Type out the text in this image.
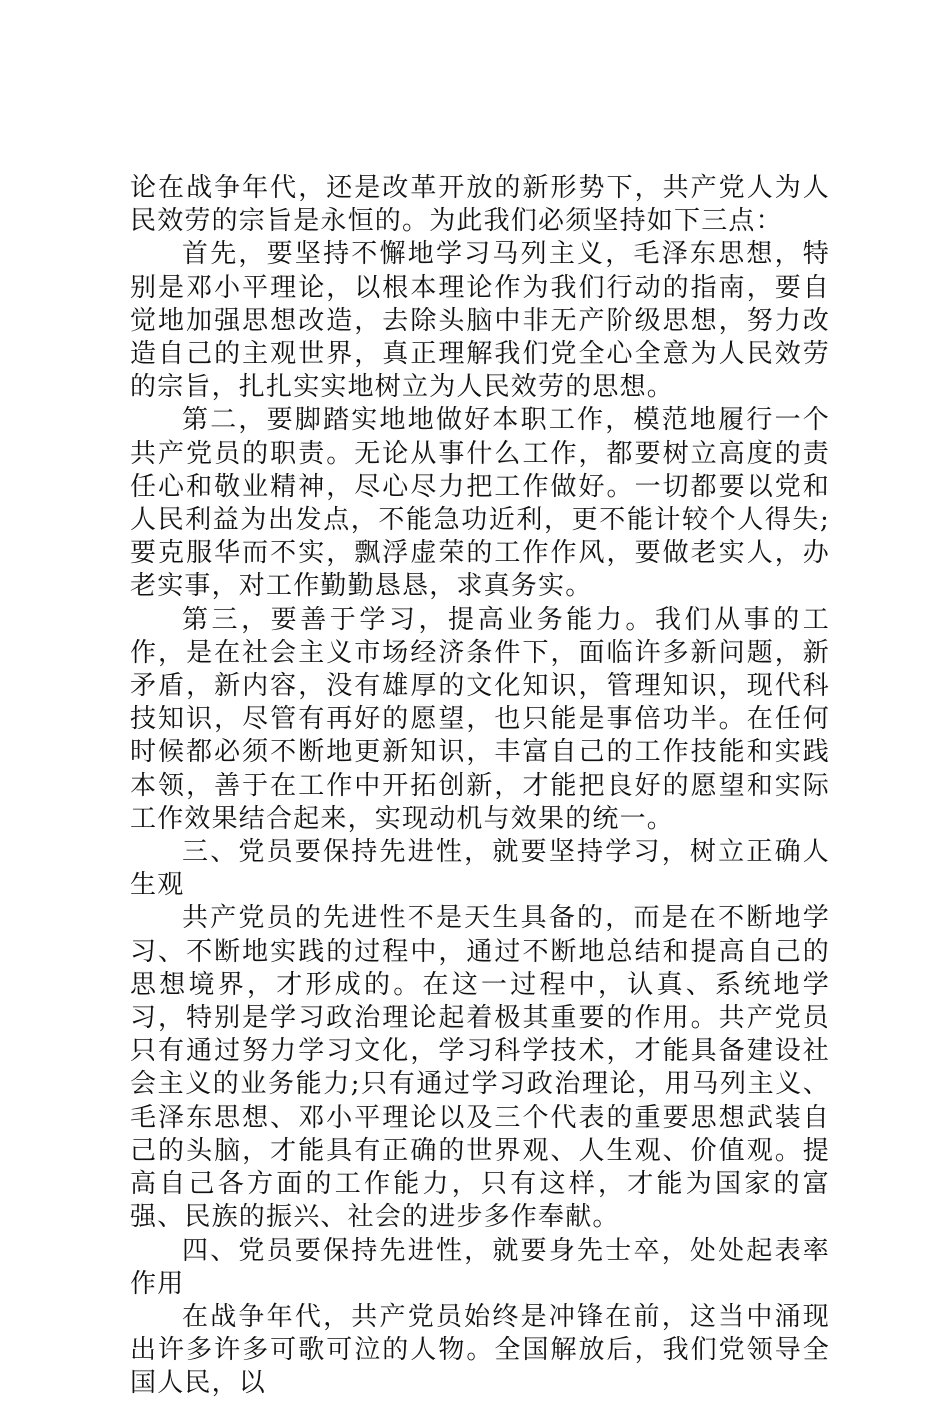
论在战争年代，还是改革开放的新形势下，共产党人为人民效劳的宗旨是永恒的。为此我们必须坚持如下三点：

首先，要坚持不懈地学习马列主义，毛泽东思想，特别是邓小平理论，以根本理论作为我们行动的指南，要自觉地加强思想改造，去除头脑中非无产阶级思想，努力改造自己的主观世界，真正理解我们党全心全意为人民效劳的宗旨，扎扎实实地树立为人民效劳的思想。

第二，要脚踏实地地做好本职工作，模范地履行一个共产党员的职责。无论从事什么工作，都要树立高度的责任心和敬业精神，尽心尽力把工作做好。一切都要以党和人民利益为出发点，不能急功近利，更不能计较个人得失;要克服华而不实，飘浮虚荣的工作作风，要做老实人，办老实事，对工作勤勤恳恳，求真务实。

第三，要善于学习，提高业务能力。我们从事的工作，是在社会主义市场经济条件下，面临许多新问题，新矛盾，新内容，没有雄厚的文化知识，管理知识，现代科技知识，尽管有再好的愿望，也只能是事倍功半。在任何时候都必须不断地更新知识，丰富自己的工作技能和实践本领，善于在工作中开拓创新，才能把良好的愿望和实际工作效果结合起来，实现动机与效果的统一。

三、党员要保持先进性，就要坚持学习，树立正确人生观

共产党员的先进性不是天生具备的，而是在不断地学习、不断地实践的过程中，通过不断地总结和提高自己的思想境界，才形成的。在这一过程中，认真、系统地学习，特别是学习政治理论起着极其重要的作用。共产党员只有通过努力学习文化，学习科学技术，才能具备建设社会主义的业务能力;只有通过学习政治理论，用马列主义、毛泽东思想、邓小平理论以及三个代表的重要思想武装自己的头脑，才能具有正确的世界观、人生观、价值观。提高自己各方面的工作能力，只有这样，才能为国家的富强、民族的振兴、社会的进步多作奉献。

四、党员要保持先进性，就要身先士卒，处处起表率作用

在战争年代，共产党员始终是冲锋在前，这当中涌现出许多许多可歌可泣的人物。全国解放后，我们党领导全国人民，以
